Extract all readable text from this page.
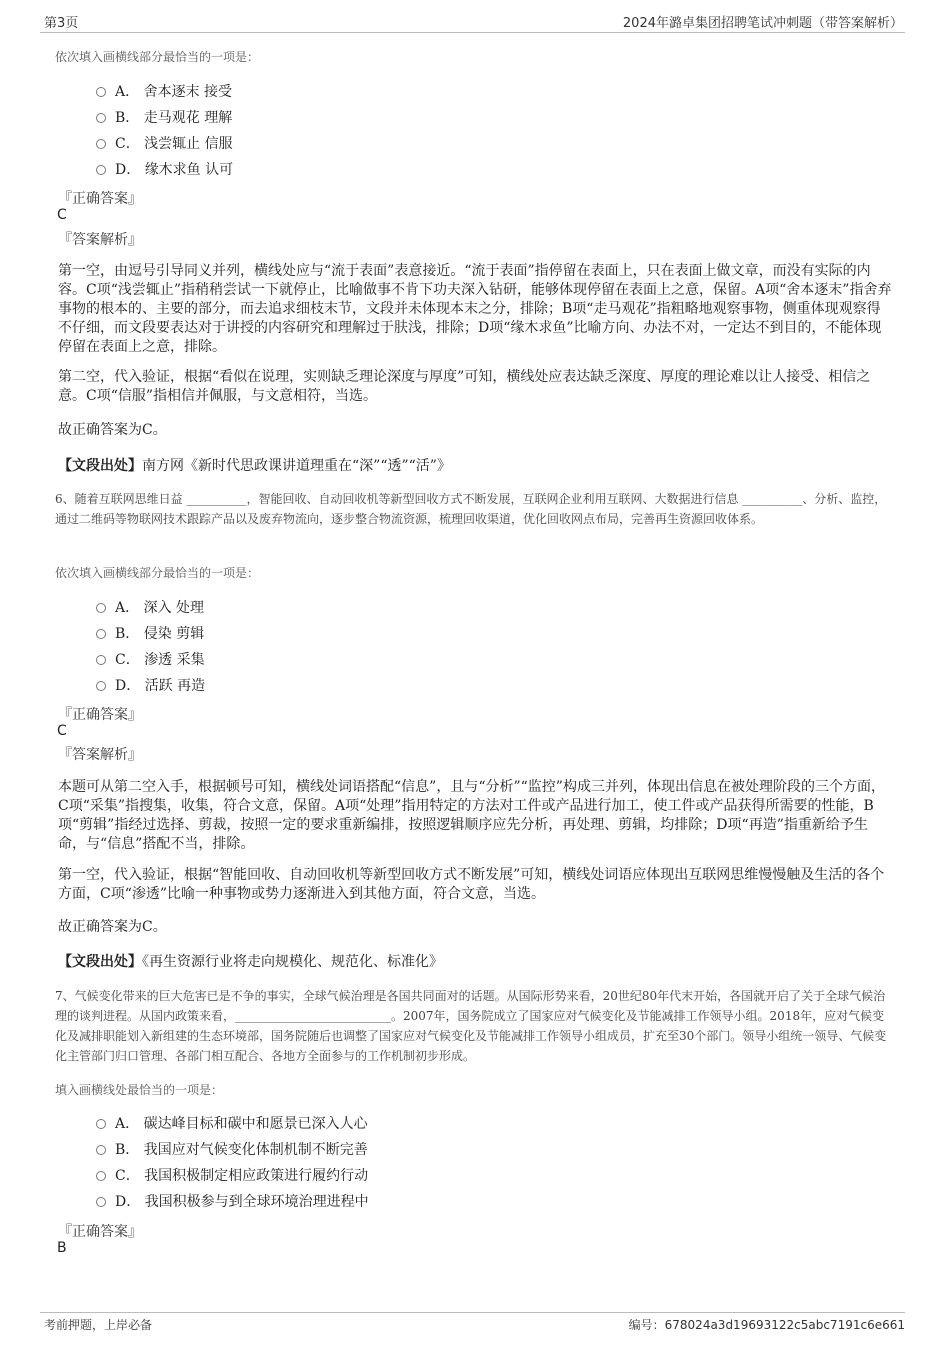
第3页	2024年潞卓集团招聘笔试冲刺题（带答案解析）
依次填入画横线部分最恰当的一项是：
A． 舍本逐末 接受
B． 走马观花 理解
C． 浅尝辄止 信服
D． 缘木求鱼 认可
『正确答案』
C
『答案解析』
第一空，由逗号引导同义并列，横线处应与“流于表面”表意接近。“流于表面”指停留在表面上，只在表面上做文章，而没有实际的内容。C项“浅尝辄止”指稍稍尝试一下就停止，比喻做事不肯下功夫深入钻研，能够体现停留在表面上之意，保留。A项“舍本逐末”指舍弃事物的根本的、主要的部分，而去追求细枝末节，文段并未体现本末之分，排除；B项“走马观花”指粗略地观察事物，侧重体现观察得不仔细，而文段要表达对于讲授的内容研究和理解过于肤浅，排除；D项“缘木求鱼”比喻方向、办法不对，一定达不到目的，不能体现停留在表面上之意，排除。
第二空，代入验证，根据“看似在说理，实则缺乏理论深度与厚度”可知，横线处应表达缺乏深度、厚度的理论难以让人接受、相信之意。C项“信服”指相信并佩服，与文意相符，当选。
故正确答案为C。
【文段出处】南方网《新时代思政课讲道理重在“深”“透”“活”》
6、随着互联网思维日益 __________，智能回收、自动回收机等新型回收方式不断发展，互联网企业利用互联网、大数据进行信息 __________、分析、监控，通过二维码等物联网技术跟踪产品以及废弃物流向，逐步整合物流资源，梳理回收渠道，优化回收网点布局，完善再生资源回收体系。
依次填入画横线部分最恰当的一项是：
A． 深入 处理
B． 侵染 剪辑
C． 渗透 采集
D． 活跃 再造
『正确答案』
C
『答案解析』
本题可从第二空入手，根据顿号可知，横线处词语搭配“信息”，且与“分析”“监控”构成三并列，体现出信息在被处理阶段的三个方面，C项“采集”指搜集，收集，符合文意，保留。A项“处理”指用特定的方法对工件或产品进行加工，使工件或产品获得所需要的性能，B项“剪辑”指经过选择、剪裁，按照一定的要求重新编排，按照逻辑顺序应先分析，再处理、剪辑，均排除；D项“再造”指重新给予生命，与“信息”搭配不当，排除。
第一空，代入验证，根据“智能回收、自动回收机等新型回收方式不断发展”可知，横线处词语应体现出互联网思维慢慢触及生活的各个方面，C项“渗透”比喻一种事物或势力逐渐进入到其他方面，符合文意，当选。
故正确答案为C。
【文段出处】《再生资源行业将走向规模化、规范化、标准化》
7、气候变化带来的巨大危害已是不争的事实，全球气候治理是各国共同面对的话题。从国际形势来看，20世纪80年代末开始，各国就开启了关于全球气候治理的谈判进程。从国内政策来看，__________________________。2007年，国务院成立了国家应对气候变化及节能减排工作领导小组。2018年，应对气候变化及减排职能划入新组建的生态环境部，国务院随后也调整了国家应对气候变化及节能减排工作领导小组成员，扩充至30个部门。领导小组统一领导、气候变化主管部门归口管理、各部门相互配合、各地方全面参与的工作机制初步形成。
填入画横线处最恰当的一项是：
A． 碳达峰目标和碳中和愿景已深入人心
B． 我国应对气候变化体制机制不断完善
C． 我国积极制定相应政策进行履约行动
D． 我国积极参与到全球环境治理进程中
『正确答案』
B
考前押题，上岸必备	编号：678024a3d19693122c5abc7191c6e661
